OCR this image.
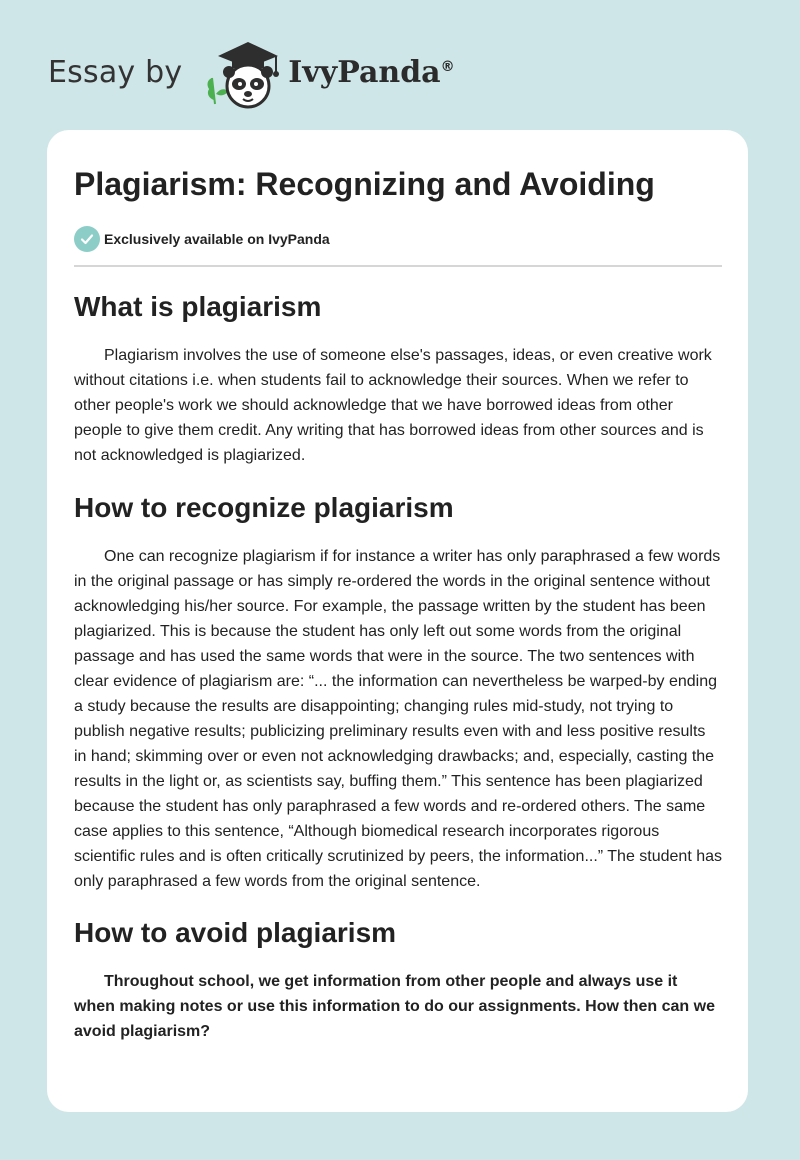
Essay by	IvyPanda®
Plagiarism: Recognizing and Avoiding
Exclusively available on IvyPanda
What is plagiarism

Plagiarism involves the use of someone else's passages, ideas, or even creative work without citations i.e. when students fail to acknowledge their sources. When we refer to other people's work we should acknowledge that we have borrowed ideas from other people to give them credit. Any writing that has borrowed ideas from other sources and is not acknowledged is plagiarized.

How to recognize plagiarism

One can recognize plagiarism if for instance a writer has only paraphrased a few words in the original passage or has simply re-ordered the words in the original sentence without acknowledging his/her source. For example, the passage written by the student has been plagiarized. This is because the student has only left out some words from the original passage and has used the same words that were in the source. The two sentences with clear evidence of plagiarism are: “... the information can nevertheless be warped-by ending a study because the results are disappointing; changing rules mid-study, not trying to publish negative results; publicizing preliminary results even with and less positive results in hand; skimming over or even not acknowledging drawbacks; and, especially, casting the results in the light or, as scientists say, buffing them.” This sentence has been plagiarized because the student has only paraphrased a few words and re-ordered others. The same case applies to this sentence, “Although biomedical research incorporates rigorous scientific rules and is often critically scrutinized by peers, the information...” The student has only paraphrased a few words from the original sentence.

How to avoid plagiarism

Throughout school, we get information from other people and always use it when making notes or use this information to do our assignments. How then can we avoid plagiarism?
